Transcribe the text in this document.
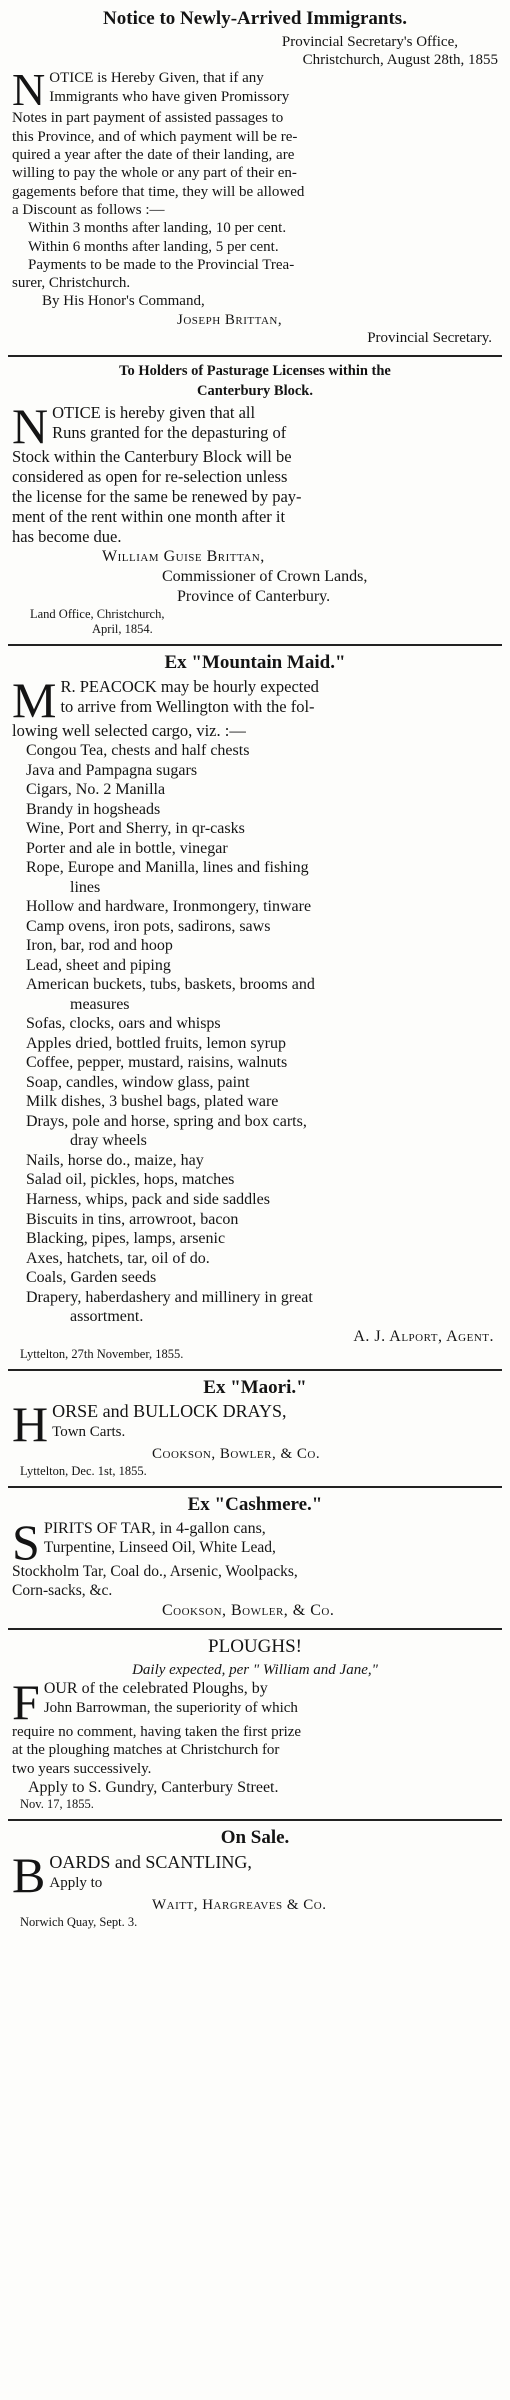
Notice to Newly-Arrived Immigrants.
Provincial Secretary's Office,
Christchurch, August 28th, 1855
N OTICE is Hereby Given, that if any
Immigrants who have given Promissory
Notes in part payment of assisted passages to
this Province, and of which payment will be re-
quired a year after the date of their landing, are
willing to pay the whole or any part of their en-
gagements before that time, they will be allowed
a Discount as follows :—
Within 3 months after landing, 10 per cent.
Within 6 months after landing, 5 per cent.
Payments to be made to the Provincial Trea-
surer, Christchurch.
By His Honor's Command,
Joseph Brittan,
Provincial Secretary.
To Holders of Pasturage Licenses within the
Canterbury Block.
N OTICE is hereby given that all
Runs granted for the depasturing of
Stock within the Canterbury Block will be
considered as open for re-selection unless
the license for the same be renewed by pay-
ment of the rent within one month after it
has become due.
William Guise Brittan,
Commissioner of Crown Lands,
Province of Canterbury.
Land Office, Christchurch,
April, 1854.
Ex "Mountain Maid."
M R. PEACOCK may be hourly expected
to arrive from Wellington with the fol-
lowing well selected cargo, viz. :—
Congou Tea, chests and half chests
Java and Pampagna sugars
Cigars, No. 2 Manilla
Brandy in hogsheads
Wine, Port and Sherry, in qr-casks
Porter and ale in bottle, vinegar
Rope, Europe and Manilla, lines and fishing
lines
Hollow and hardware, Ironmongery, tinware
Camp ovens, iron pots, sadirons, saws
Iron, bar, rod and hoop
Lead, sheet and piping
American buckets, tubs, baskets, brooms and
measures
Sofas, clocks, oars and whisps
Apples dried, bottled fruits, lemon syrup
Coffee, pepper, mustard, raisins, walnuts
Soap, candles, window glass, paint
Milk dishes, 3 bushel bags, plated ware
Drays, pole and horse, spring and box carts,
dray wheels
Nails, horse do., maize, hay
Salad oil, pickles, hops, matches
Harness, whips, pack and side saddles
Biscuits in tins, arrowroot, bacon
Blacking, pipes, lamps, arsenic
Axes, hatchets, tar, oil of do.
Coals, Garden seeds
Drapery, haberdashery and millinery in great
assortment.
A. J. Alport, Agent.
Lyttelton, 27th November, 1855.
Ex "Maori."
H ORSE and BULLOCK DRAYS,
Town Carts.
Cookson, Bowler, & Co.
Lyttelton, Dec. 1st, 1855.
Ex "Cashmere."
S PIRITS OF TAR, in 4-gallon cans,
Turpentine, Linseed Oil, White Lead,
Stockholm Tar, Coal do., Arsenic, Woolpacks,
Corn-sacks, &c.
Cookson, Bowler, & Co.
PLOUGHS!
Daily expected, per " William and Jane,"
F OUR of the celebrated Ploughs, by
John Barrowman, the superiority of which
require no comment, having taken the first prize
at the ploughing matches at Christchurch for
two years successively.
Apply to S. Gundry, Canterbury Street.
Nov. 17, 1855.
On Sale.
B OARDS and SCANTLING,
Apply to
Waitt, Hargreaves & Co.
Norwich Quay, Sept. 3.
